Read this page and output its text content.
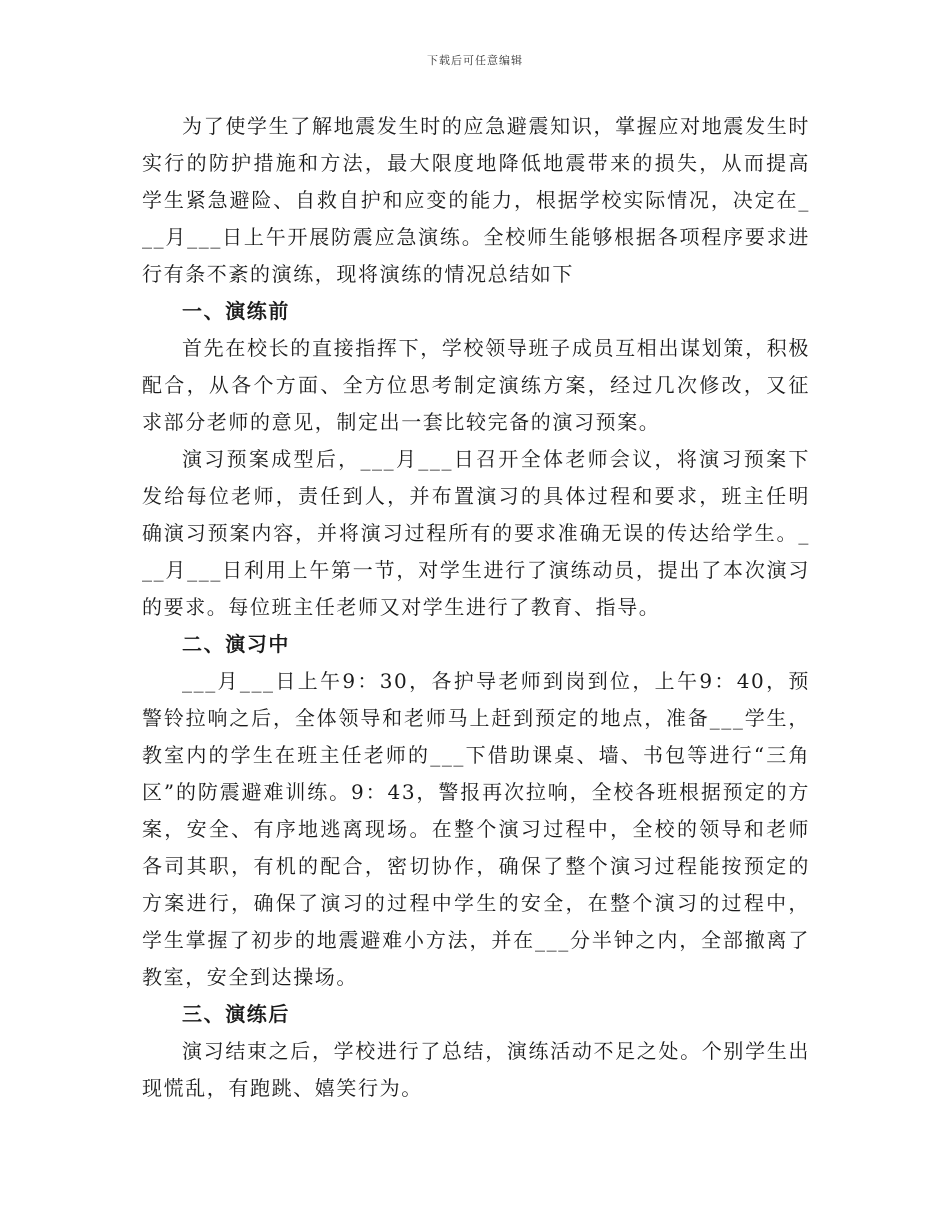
下载后可任意编辑

为了使学生了解地震发生时的应急避震知识，掌握应对地震发生时实行的防护措施和方法，最大限度地降低地震带来的损失，从而提高学生紧急避险、自救自护和应变的能力，根据学校实际情况，决定在___月___日上午开展防震应急演练。全校师生能够根据各项程序要求进行有条不紊的演练，现将演练的情况总结如下

一、演练前

首先在校长的直接指挥下，学校领导班子成员互相出谋划策，积极配合，从各个方面、全方位思考制定演练方案，经过几次修改，又征求部分老师的意见，制定出一套比较完备的演习预案。

演习预案成型后，___月___日召开全体老师会议，将演习预案下发给每位老师，责任到人，并布置演习的具体过程和要求，班主任明确演习预案内容，并将演习过程所有的要求准确无误的传达给学生。___月___日利用上午第一节，对学生进行了演练动员，提出了本次演习的要求。每位班主任老师又对学生进行了教育、指导。

二、演习中

___月___日上午9：30，各护导老师到岗到位，上午9：40，预警铃拉响之后，全体领导和老师马上赶到预定的地点，准备___学生，教室内的学生在班主任老师的___下借助课桌、墙、书包等进行“三角区”的防震避难训练。9：43，警报再次拉响，全校各班根据预定的方案，安全、有序地逃离现场。在整个演习过程中，全校的领导和老师各司其职，有机的配合，密切协作，确保了整个演习过程能按预定的方案进行，确保了演习的过程中学生的安全，在整个演习的过程中，学生掌握了初步的地震避难小方法，并在___分半钟之内，全部撤离了教室，安全到达操场。

三、演练后

演习结束之后，学校进行了总结，演练活动不足之处。个别学生出现慌乱，有跑跳、嬉笑行为。
